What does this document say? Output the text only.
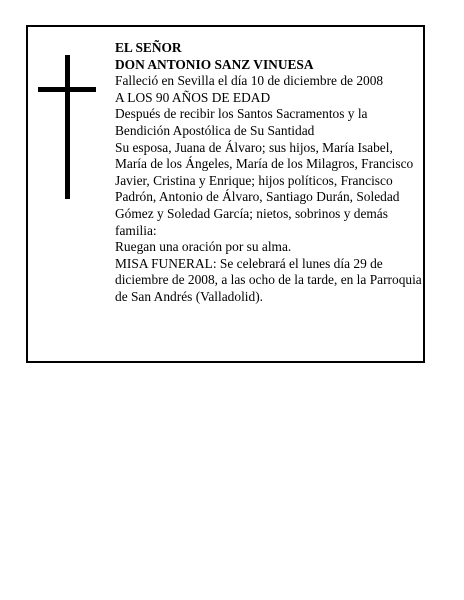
EL SEÑOR

DON ANTONIO SANZ VINUESA

Falleció en Sevilla el día 10 de diciembre de 2008

A LOS 90 AÑOS DE EDAD

Después de recibir los Santos Sacramentos y la Bendición Apostólica de Su Santidad

Su esposa, Juana de Álvaro; sus hijos, María Isabel, María de los Ángeles, María de los Milagros, Francisco Javier, Cristina y Enrique; hijos políticos, Francisco Padrón, Antonio de Álvaro, Santiago Durán, Soledad Gómez y Soledad García; nietos, sobrinos y demás familia:

Ruegan una oración por su alma.

MISA FUNERAL: Se celebrará el lunes día 29 de diciembre de 2008, a las ocho de la tarde, en la Parroquia de San Andrés (Valladolid).
